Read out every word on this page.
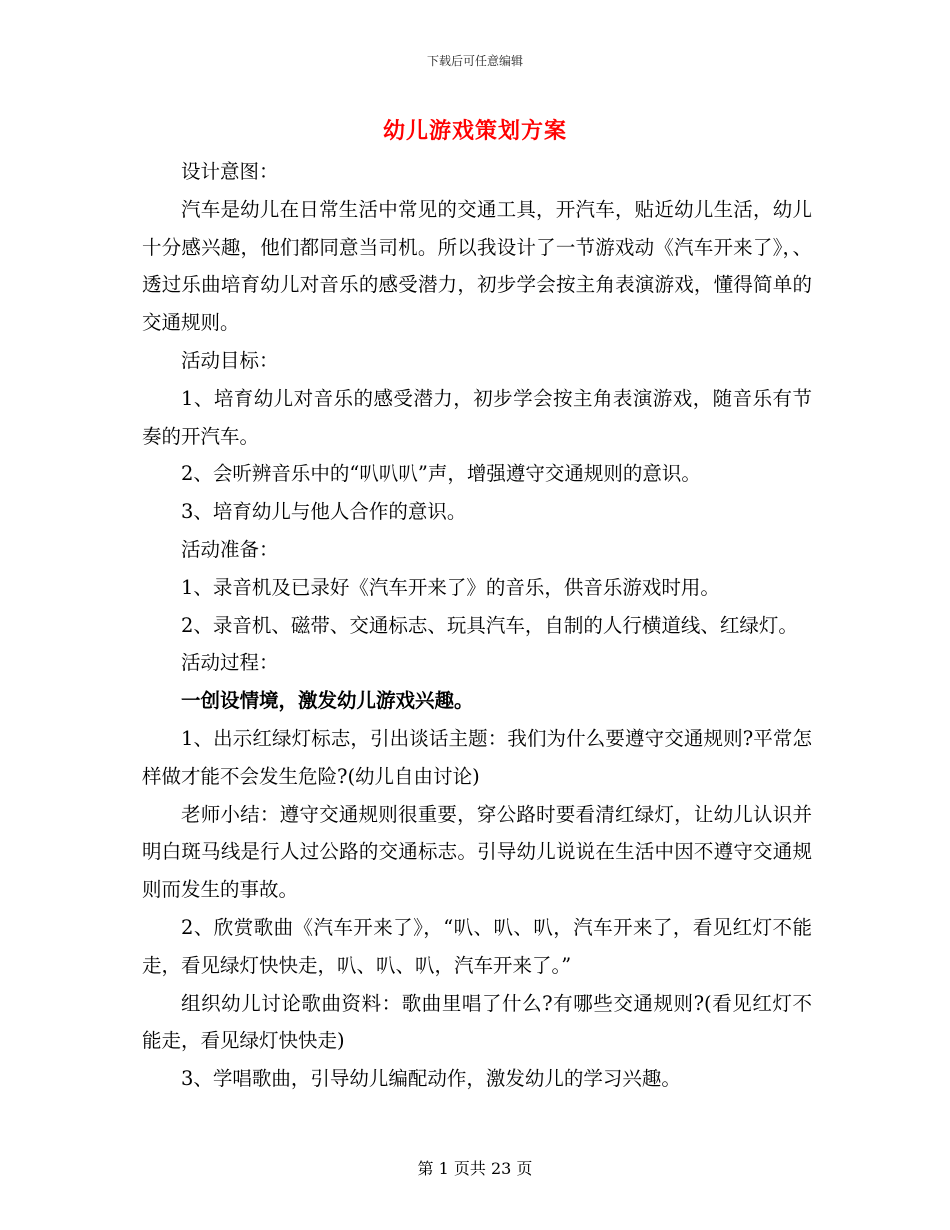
下载后可任意编辑
幼儿游戏策划方案

设计意图：

汽车是幼儿在日常生活中常见的交通工具，开汽车，贴近幼儿生活，幼儿十分感兴趣，他们都同意当司机。所以我设计了一节游戏动《汽车开来了》，、透过乐曲培育幼儿对音乐的感受潜力，初步学会按主角表演游戏，懂得简单的交通规则。

活动目标：

1、培育幼儿对音乐的感受潜力，初步学会按主角表演游戏，随音乐有节奏的开汽车。

2、会听辨音乐中的“叭叭叭”声，增强遵守交通规则的意识。

3、培育幼儿与他人合作的意识。

活动准备：

1、录音机及已录好《汽车开来了》的音乐，供音乐游戏时用。

2、录音机、磁带、交通标志、玩具汽车，自制的人行横道线、红绿灯。

活动过程：

一创设情境，激发幼儿游戏兴趣。

1、出示红绿灯标志，引出谈话主题：我们为什么要遵守交通规则?平常怎样做才能不会发生危险?(幼儿自由讨论)

老师小结：遵守交通规则很重要，穿公路时要看清红绿灯，让幼儿认识并明白斑马线是行人过公路的交通标志。引导幼儿说说在生活中因不遵守交通规则而发生的事故。

2、欣赏歌曲《汽车开来了》，“叭、叭、叭，汽车开来了，看见红灯不能走，看见绿灯快快走，叭、叭、叭，汽车开来了。”

组织幼儿讨论歌曲资料：歌曲里唱了什么?有哪些交通规则?(看见红灯不能走，看见绿灯快快走)

3、学唱歌曲，引导幼儿编配动作，激发幼儿的学习兴趣。

第 1 页共 23 页
